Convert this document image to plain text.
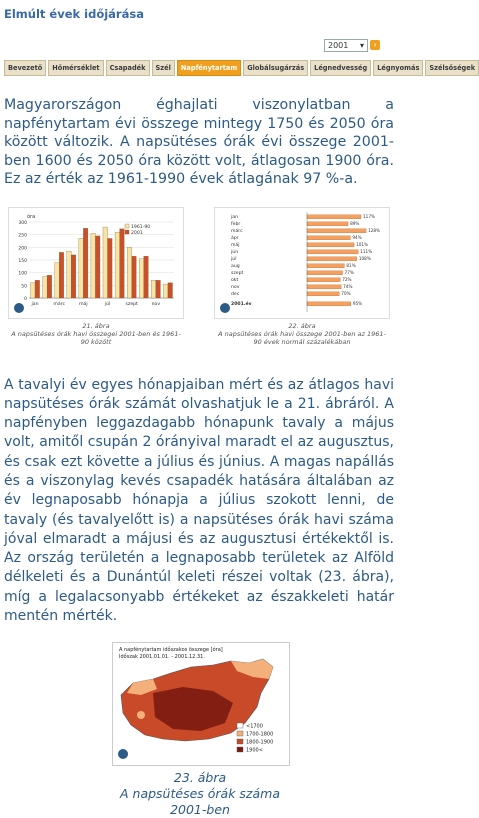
Elmúlt évek időjárása
2001 ▾	›
Bevezető	Hőmérséklet	Csapadék	Szél	Napfénytartam	Globálsugárzás	Légnedvesség	Légnyomás	Szélsőségek

Magyarországon éghajlati viszonylatban a napfénytartam évi összege mintegy 1750 és 2050 óra között változik. A napsütéses órák évi összege 2001-ben 1600 és 2050 óra között volt, átlagosan 1900 óra. Ez az érték az 1961-1990 évek átlagának 97 %-a.

óra
0
50
100
150
200
250
300
jan	márc	máj	júl	szept	nov
1961-90
2001
21. ábra
A napsütéses órák havi összegei 2001-ben és 1961-90 között
jan	117%
febr	89%
márc	128%
ápr	94%
máj	101%
jún	111%
júl	108%
aug	81%
szept	77%
okt	72%
nov	74%
dec	70%
2001.év	95%
22. ábra
A napsütéses órák havi összege 2001-ben az 1961-90 évek normál százalékában

A tavalyi év egyes hónapjaiban mért és az átlagos havi napsütéses órák számát olvashatjuk le a 21. ábráról. A napfényben leggazdagabb hónapunk tavaly a május volt, amitől csupán 2 órányival maradt el az augusztus, és csak ezt követte a július és június. A magas napállás és a viszonylag kevés csapadék hatására általában az év legnaposabb hónapja a július szokott lenni, de tavaly (és tavalyelőtt is) a napsütéses órák havi száma jóval elmaradt a májusi és az augusztusi értékektől is. Az ország területén a legnaposabb területek az Alföld délkeleti és a Dunántúl keleti részei voltak (23. ábra), míg a legalacsonyabb értékeket az északkeleti határ mentén mérték.

A napfénytartam időszakos összege [óra]
Időszak 2001.01.01. - 2001.12.31.
<1700
1700-1800
1800-1900
1900<
23. ábra
A napsütéses órák száma 2001-ben
